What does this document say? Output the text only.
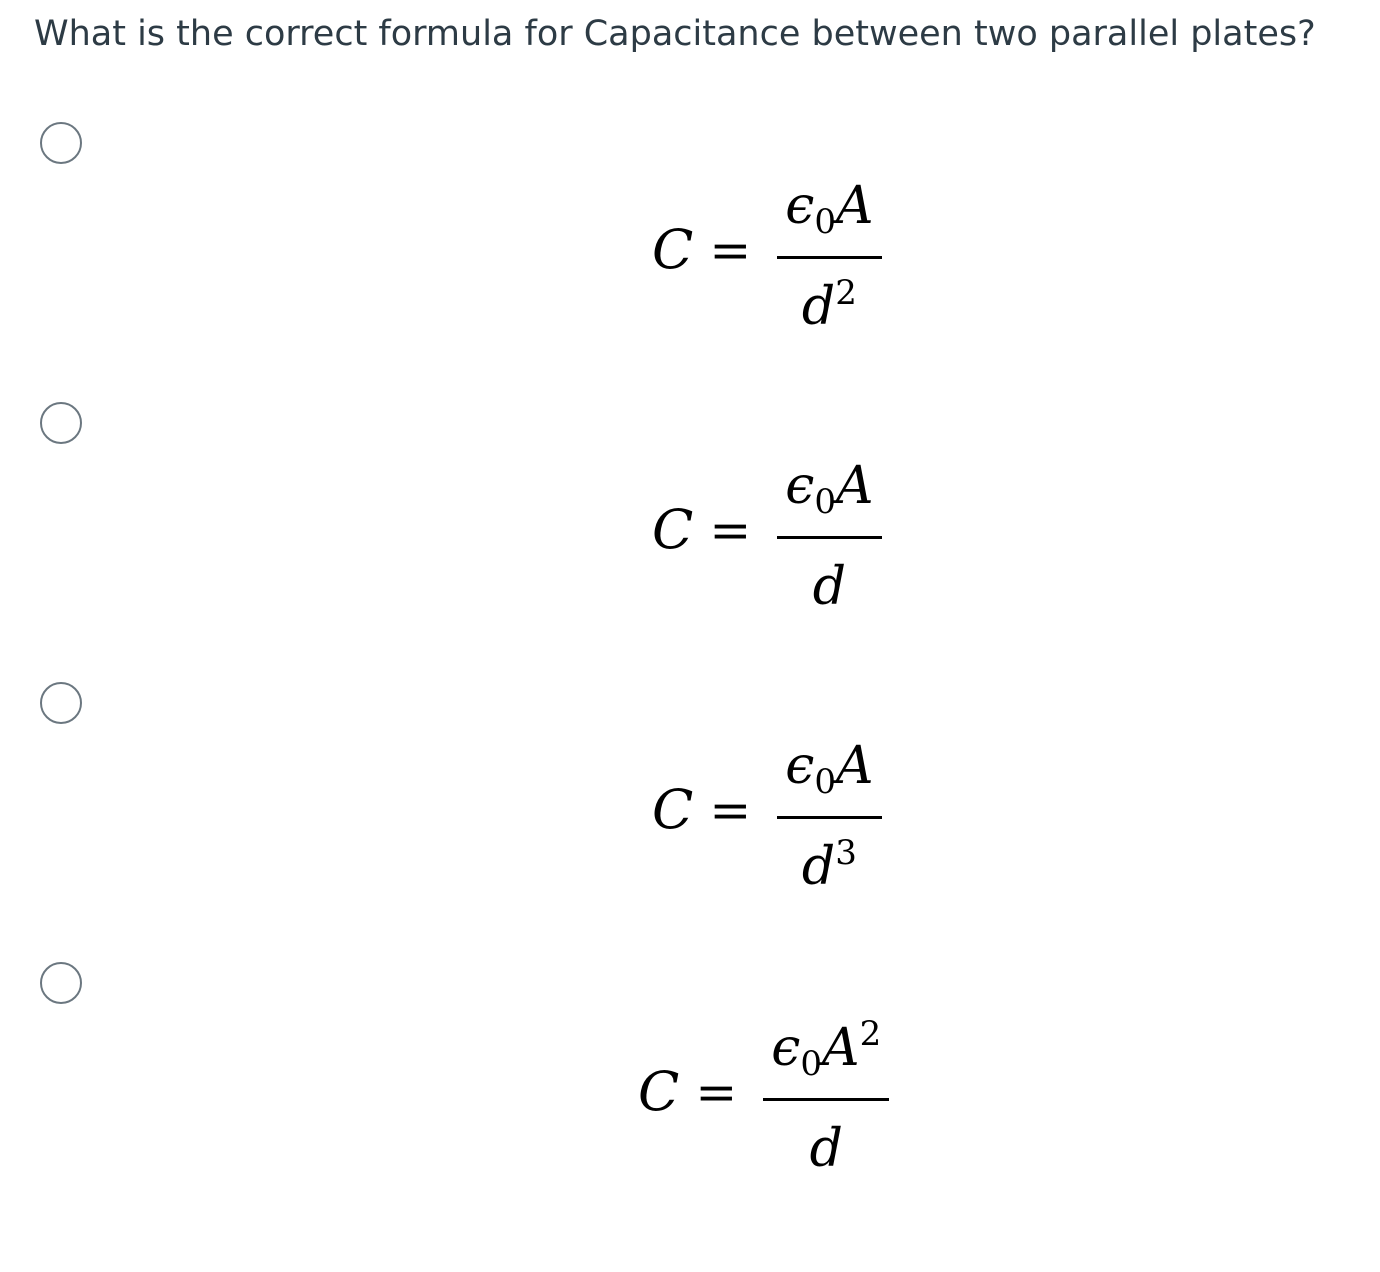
What is the correct formula for Capacitance between two parallel plates?
$C = \frac{\epsilon_0A}{d^2}$
$C = \frac{\epsilon_0A}{d}$
$C = \frac{\epsilon_0A}{d^3}$
$C = \frac{\epsilon_0A^2}{d}$
